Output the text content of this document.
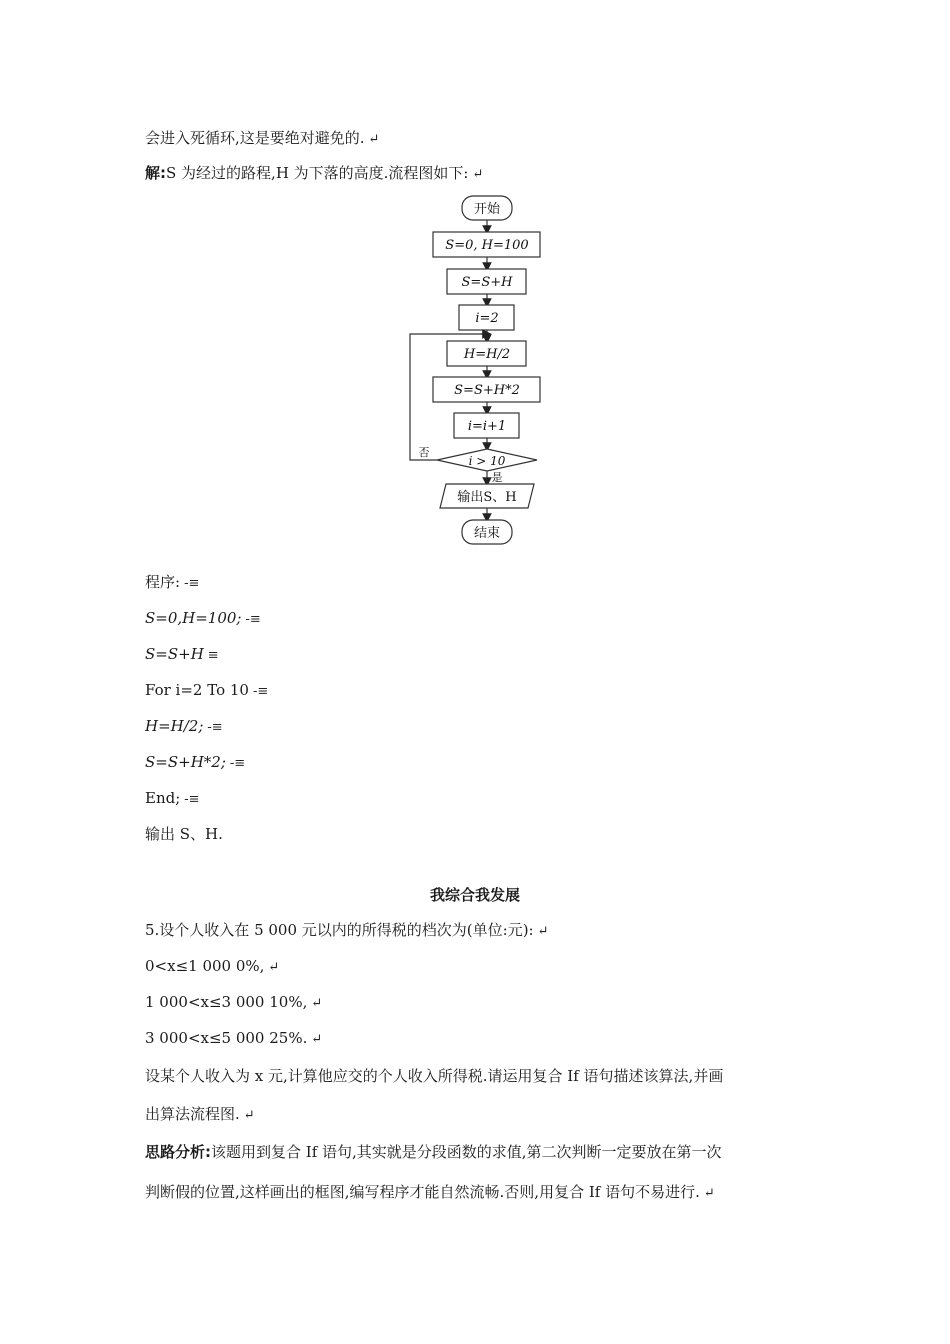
会进入死循环,这是要绝对避免的. ↵
解:S 为经过的路程,H 为下落的高度.流程图如下: ↵
开始
S=0, H=100
S=S+H
i=2
H=H/2
S=S+H*2
i=i+1
i > 10
否
是
输出S、H
结束
程序: -≡
S=0,H=100; -≡
S=S+H ≡
For i=2 To 10 -≡
H=H/2; -≡
S=S+H*2; -≡
End; -≡
输出 S、H.
我综合我发展
5.设个人收入在 5 000 元以内的所得税的档次为(单位:元): ↵
0<x≤1 000 0%, ↵
1 000<x≤3 000 10%, ↵
3 000<x≤5 000 25%. ↵
设某个人收入为 x 元,计算他应交的个人收入所得税.请运用复合 If 语句描述该算法,并画
出算法流程图. ↵
思路分析:该题用到复合 If 语句,其实就是分段函数的求值,第二次判断一定要放在第一次
判断假的位置,这样画出的框图,编写程序才能自然流畅.否则,用复合 If 语句不易进行. ↵
